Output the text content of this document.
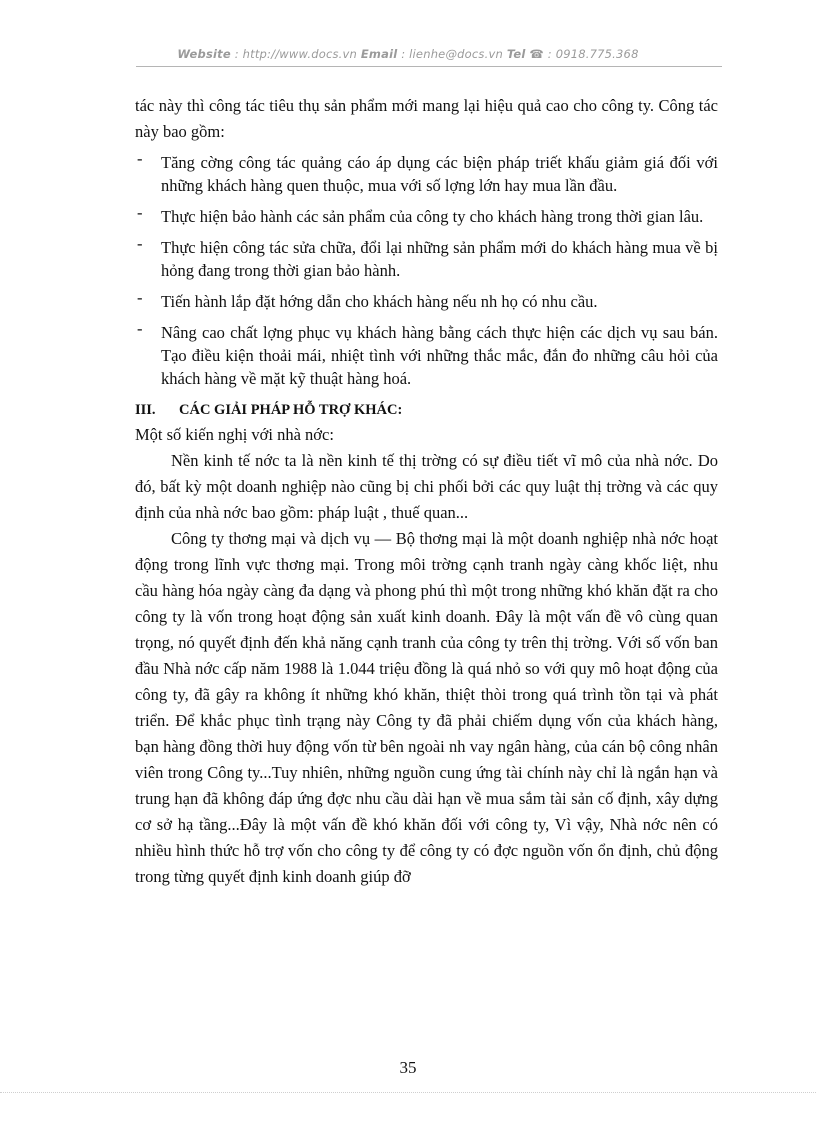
Website : http://www.docs.vn Email : lienhe@docs.vn Tel ☎ : 0918.775.368

tác này thì công tác tiêu thụ sản phẩm mới mang lại hiệu quả cao cho công ty. Công tác này bao gồm:

- Tăng cờng công tác quảng cáo áp dụng các biện pháp triết khấu giảm giá đối với những khách hàng quen thuộc, mua với số lợng lớn hay mua lần đầu.
- Thực hiện bảo hành các sản phẩm của công ty cho khách hàng trong thời gian lâu.
- Thực hiện công tác sửa chữa, đổi lại những sản phẩm mới do khách hàng mua về bị hỏng đang trong thời gian bảo hành.
- Tiến hành lắp đặt hớng dẫn cho khách hàng nếu nh họ có nhu cầu.
- Nâng cao chất lợng phục vụ khách hàng bằng cách thực hiện các dịch vụ sau bán. Tạo điều kiện thoải mái, nhiệt tình với những thắc mắc, đắn đo những câu hỏi của khách hàng về mặt kỹ thuật hàng hoá.
III. CÁC GIẢI PHÁP HỖ TRỢ KHÁC:

Một số kiến nghị với nhà nớc:

Nền kinh tế nớc ta là nền kinh tế thị trờng có sự điều tiết vĩ mô của nhà nớc. Do đó, bất kỳ một doanh nghiệp nào cũng bị chi phối bởi các quy luật thị trờng và các quy định của nhà nớc bao gồm: pháp luật , thuế quan...

Công ty thơng mại và dịch vụ — Bộ thơng mại là một doanh nghiệp nhà nớc hoạt động trong lĩnh vực thơng mại. Trong môi trờng cạnh tranh ngày càng khốc liệt, nhu cầu hàng hóa ngày càng đa dạng và phong phú thì một trong những khó khăn đặt ra cho công ty là vốn trong hoạt động sản xuất kinh doanh. Đây là một vấn đề vô cùng quan trọng, nó quyết định đến khả năng cạnh tranh của công ty trên thị trờng. Với số vốn ban đầu Nhà nớc cấp năm 1988 là 1.044 triệu đồng là quá nhỏ so với quy mô hoạt động của công ty, đã gây ra không ít những khó khăn, thiệt thòi trong quá trình tồn tại và phát triển. Để khắc phục tình trạng này Công ty đã phải chiếm dụng vốn của khách hàng, bạn hàng đồng thời huy động vốn từ bên ngoài nh vay ngân hàng, của cán bộ công nhân viên trong Công ty...Tuy nhiên, những nguồn cung ứng tài chính này chỉ là ngắn hạn và trung hạn đã không đáp ứng đợc nhu cầu dài hạn về mua sắm tài sản cố định, xây dựng cơ sở hạ tầng...Đây là một vấn đề khó khăn đối với công ty, Vì vậy, Nhà nớc nên có nhiều hình thức hỗ trợ vốn cho công ty để công ty có đợc nguồn vốn ổn định, chủ động trong từng quyết định kinh doanh giúp đỡ

35
